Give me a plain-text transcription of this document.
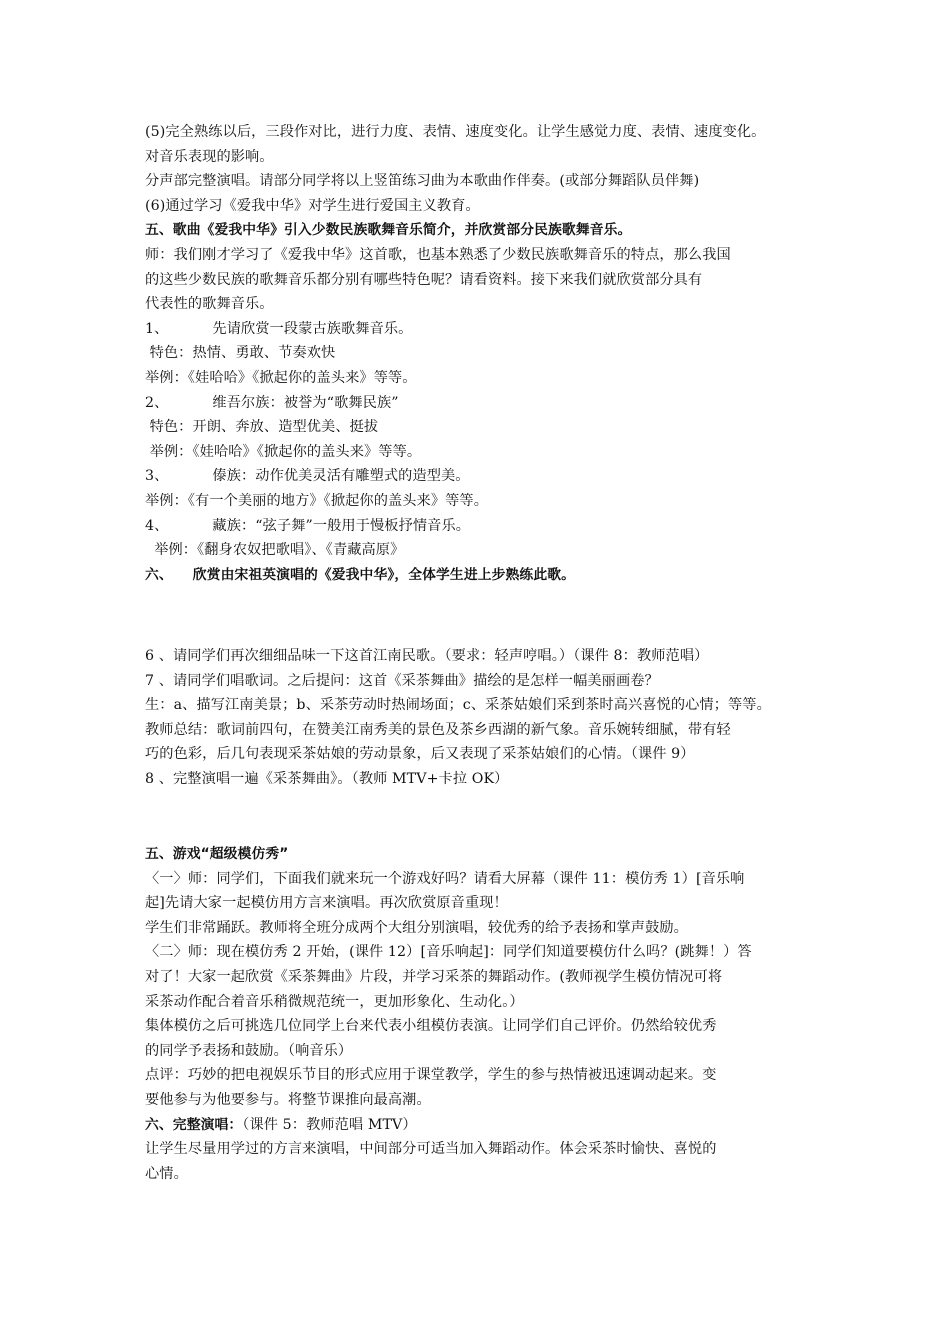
(5)完全熟练以后，三段作对比，进行力度、表情、速度变化。让学生感觉力度、表情、速度变化。

对音乐表现的影响。

分声部完整演唱。请部分同学将以上竖笛练习曲为本歌曲作伴奏。(或部分舞蹈队员伴舞)

(6)通过学习《爱我中华》对学生进行爱国主义教育。

五、歌曲《爱我中华》引入少数民族歌舞音乐简介，并欣赏部分民族歌舞音乐。

师：我们刚才学习了《爱我中华》这首歌，也基本熟悉了少数民族歌舞音乐的特点，那么我国

的这些少数民族的歌舞音乐都分别有哪些特色呢？请看资料。接下来我们就欣赏部分具有

代表性的歌舞音乐。

1、	先请欣赏一段蒙古族歌舞音乐。

特色：热情、勇敢、节奏欢快

举例：《娃哈哈》《掀起你的盖头来》等等。

2、	维吾尔族：被誉为“歌舞民族”

特色：开朗、奔放、造型优美、挺拔

举例：《娃哈哈》《掀起你的盖头来》等等。

3、	傣族：动作优美灵活有雕塑式的造型美。

举例：《有一个美丽的地方》《掀起你的盖头来》等等。

4、	藏族：“弦子舞”一般用于慢板抒情音乐。

举例：《翻身农奴把歌唱》、《青藏高原》

六、 欣赏由宋祖英演唱的《爱我中华》，全体学生进上步熟练此歌。

6 、请同学们再次细细品味一下这首江南民歌。（要求：轻声哼唱。）（课件 8：教师范唱）

7 、请同学们唱歌词。之后提问：这首《采茶舞曲》描绘的是怎样一幅美丽画卷？

生：a、描写江南美景；b、采茶劳动时热闹场面；c、采茶姑娘们采到茶时高兴喜悦的心情；等等。

教师总结：歌词前四句，在赞美江南秀美的景色及茶乡西湖的新气象。音乐婉转细腻，带有轻

巧的色彩，后几句表现采茶姑娘的劳动景象，后又表现了采茶姑娘们的心情。（课件 9）

8 、完整演唱一遍《采茶舞曲》。（教师 MTV+卡拉 OK）

五、游戏“超级模仿秀”

〈一〉师：同学们，下面我们就来玩一个游戏好吗？请看大屏幕（课件 11：模仿秀 1）[音乐响

起]先请大家一起模仿用方言来演唱。再次欣赏原音重现！

学生们非常踊跃。教师将全班分成两个大组分别演唱，较优秀的给予表扬和掌声鼓励。

〈二〉师：现在模仿秀 2 开始，(课件 12）[音乐响起]：同学们知道要模仿什么吗？(跳舞！）答

对了！大家一起欣赏《采茶舞曲》片段，并学习采茶的舞蹈动作。(教师视学生模仿情况可将

采茶动作配合着音乐稍微规范统一，更加形象化、生动化。）

集体模仿之后可挑选几位同学上台来代表小组模仿表演。让同学们自己评价。仍然给较优秀

的同学予表扬和鼓励。（响音乐）

点评：巧妙的把电视娱乐节目的形式应用于课堂教学，学生的参与热情被迅速调动起来。变

要他参与为他要参与。将整节课推向最高潮。

六、完整演唱：（课件 5：教师范唱 MTV）

让学生尽量用学过的方言来演唱，中间部分可适当加入舞蹈动作。体会采茶时愉快、喜悦的

心情。
